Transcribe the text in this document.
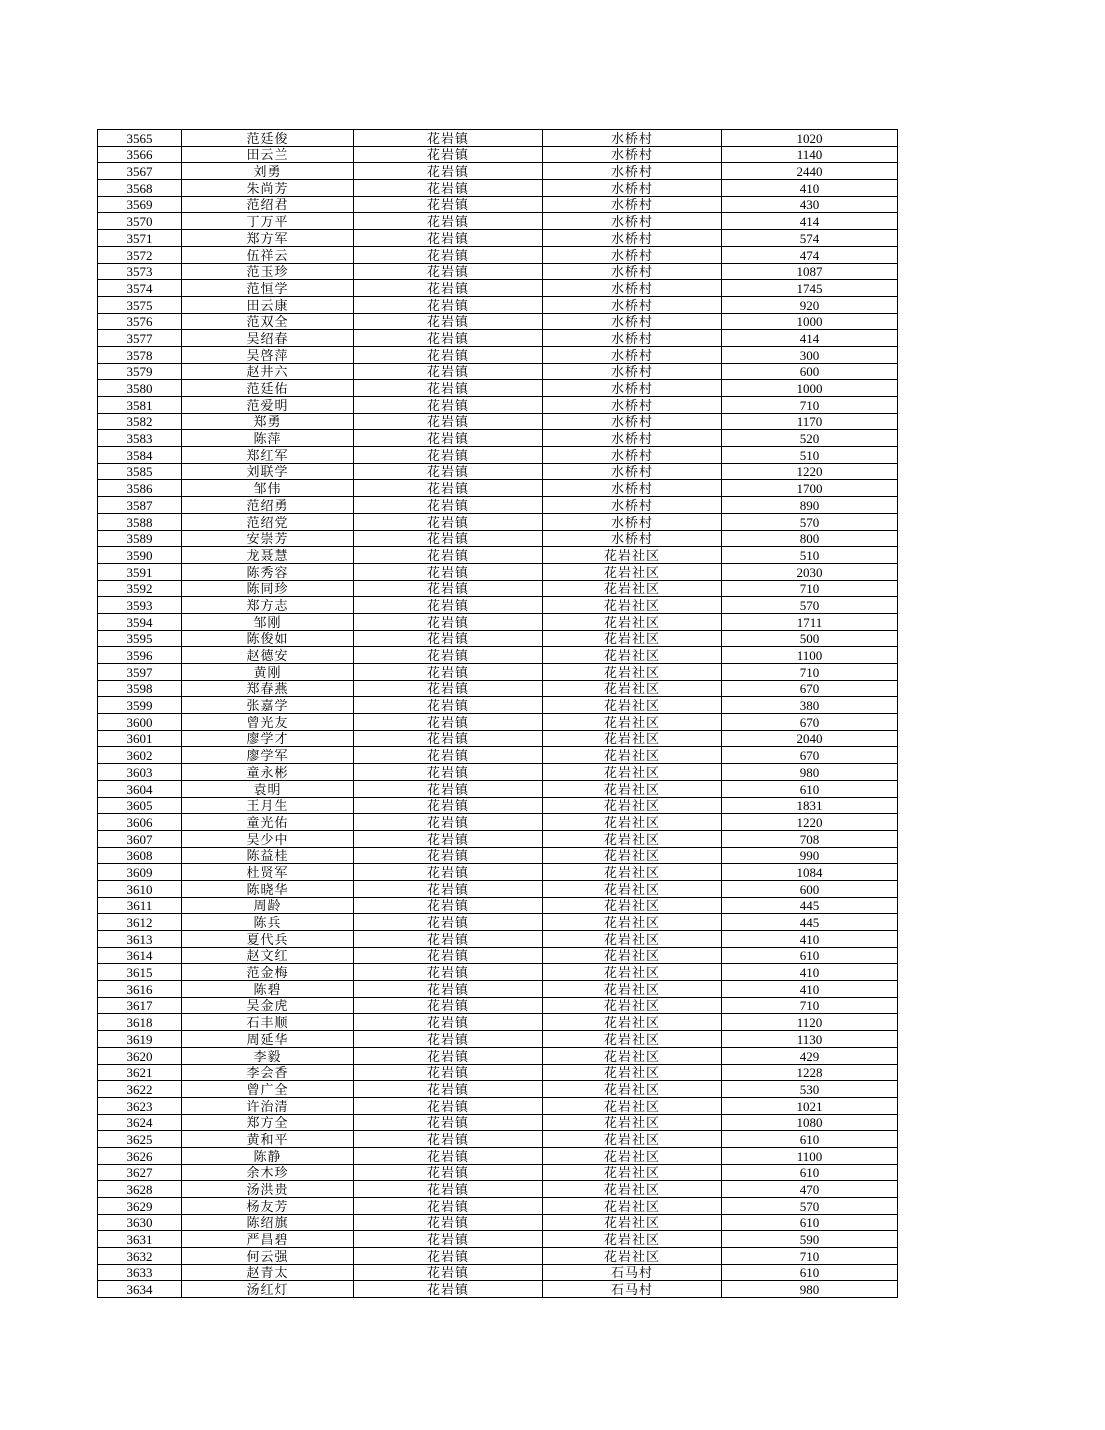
3565	范廷俊	花岩镇	水桥村	1020
3566	田云兰	花岩镇	水桥村	1140
3567	刘勇	花岩镇	水桥村	2440
3568	朱尚芳	花岩镇	水桥村	410
3569	范绍君	花岩镇	水桥村	430
3570	丁万平	花岩镇	水桥村	414
3571	郑方军	花岩镇	水桥村	574
3572	伍祥云	花岩镇	水桥村	474
3573	范玉珍	花岩镇	水桥村	1087
3574	范恒学	花岩镇	水桥村	1745
3575	田云康	花岩镇	水桥村	920
3576	范双全	花岩镇	水桥村	1000
3577	吴绍春	花岩镇	水桥村	414
3578	吴啓萍	花岩镇	水桥村	300
3579	赵井六	花岩镇	水桥村	600
3580	范廷佑	花岩镇	水桥村	1000
3581	范爱明	花岩镇	水桥村	710
3582	郑勇	花岩镇	水桥村	1170
3583	陈萍	花岩镇	水桥村	520
3584	郑红军	花岩镇	水桥村	510
3585	刘联学	花岩镇	水桥村	1220
3586	邹伟	花岩镇	水桥村	1700
3587	范绍勇	花岩镇	水桥村	890
3588	范绍党	花岩镇	水桥村	570
3589	安崇芳	花岩镇	水桥村	800
3590	龙聂慧	花岩镇	花岩社区	510
3591	陈秀容	花岩镇	花岩社区	2030
3592	陈同珍	花岩镇	花岩社区	710
3593	郑方志	花岩镇	花岩社区	570
3594	邹刚	花岩镇	花岩社区	1711
3595	陈俊如	花岩镇	花岩社区	500
3596	赵德安	花岩镇	花岩社区	1100
3597	黄刚	花岩镇	花岩社区	710
3598	郑春燕	花岩镇	花岩社区	670
3599	张嘉学	花岩镇	花岩社区	380
3600	曾光友	花岩镇	花岩社区	670
3601	廖学才	花岩镇	花岩社区	2040
3602	廖学军	花岩镇	花岩社区	670
3603	童永彬	花岩镇	花岩社区	980
3604	袁明	花岩镇	花岩社区	610
3605	王月生	花岩镇	花岩社区	1831
3606	童光佑	花岩镇	花岩社区	1220
3607	吴少中	花岩镇	花岩社区	708
3608	陈益桂	花岩镇	花岩社区	990
3609	杜贤军	花岩镇	花岩社区	1084
3610	陈晓华	花岩镇	花岩社区	600
3611	周龄	花岩镇	花岩社区	445
3612	陈兵	花岩镇	花岩社区	445
3613	夏代兵	花岩镇	花岩社区	410
3614	赵文红	花岩镇	花岩社区	610
3615	范金梅	花岩镇	花岩社区	410
3616	陈碧	花岩镇	花岩社区	410
3617	吴金虎	花岩镇	花岩社区	710
3618	石丰顺	花岩镇	花岩社区	1120
3619	周延华	花岩镇	花岩社区	1130
3620	李毅	花岩镇	花岩社区	429
3621	李会香	花岩镇	花岩社区	1228
3622	曾广全	花岩镇	花岩社区	530
3623	许治清	花岩镇	花岩社区	1021
3624	郑方全	花岩镇	花岩社区	1080
3625	黄和平	花岩镇	花岩社区	610
3626	陈静	花岩镇	花岩社区	1100
3627	余木珍	花岩镇	花岩社区	610
3628	汤洪贵	花岩镇	花岩社区	470
3629	杨友芳	花岩镇	花岩社区	570
3630	陈绍旗	花岩镇	花岩社区	610
3631	严昌碧	花岩镇	花岩社区	590
3632	何云强	花岩镇	花岩社区	710
3633	赵青太	花岩镇	石马村	610
3634	汤红灯	花岩镇	石马村	980
